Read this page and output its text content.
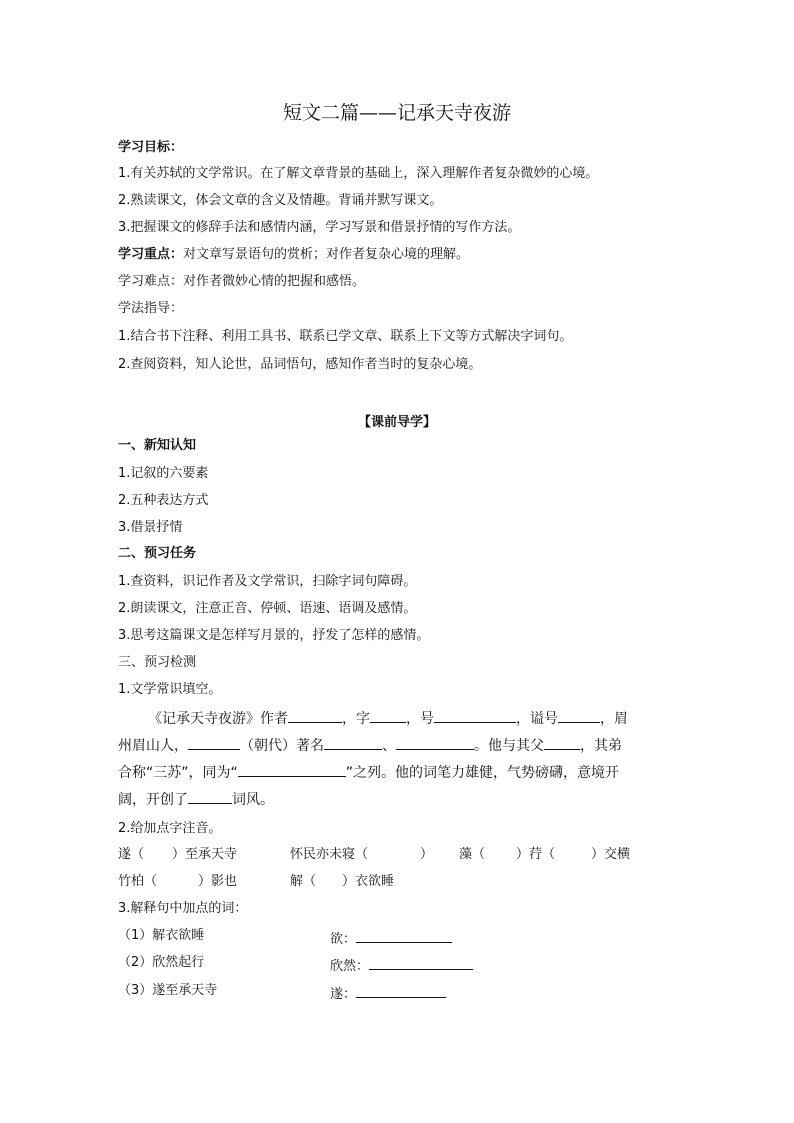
短文二篇——记承天寺夜游
学习目标：
1.有关苏轼的文学常识。在了解文章背景的基础上，深入理解作者复杂微妙的心境。
2.熟读课文，体会文章的含义及情趣。背诵并默写课文。
3.把握课文的修辞手法和感情内涵，学习写景和借景抒情的写作方法。
学习重点：对文章写景语句的赏析；对作者复杂心境的理解。
学习难点：对作者微妙心情的把握和感悟。
学法指导：
1.结合书下注释、利用工具书、联系已学文章、联系上下文等方式解决字词句。
2.查阅资料，知人论世，品词悟句，感知作者当时的复杂心境。
【课前导学】
一、新知认知
1.记叙的六要素
2.五种表达方式
3.借景抒情
二、预习任务
1.查资料，识记作者及文学常识，扫除字词句障碍。
2.朗读课文，注意正音、停顿、语速、语调及感情。
3.思考这篇课文是怎样写月景的，抒发了怎样的感情。
三、预习检测
1.文学常识填空。
《记承天寺夜游》作者	，字	，号	，谥号	，眉
州眉山人，	（朝代）著名	、	。他与其父	，其弟
合称“三苏”，同为“	”之列。他的词笔力雄健，气势磅礴，意境开
阔，开创了	词风。
2.给加点字注音。
遂（ ）至承天寺	怀民亦未寝（	） 藻（ ）荇（	）交横
竹柏（	）影也	解（ ）衣欲睡
3.解释句中加点的词：
（1）解衣欲睡	欲：
（2）欣然起行	欣然：
（3）遂至承天寺	遂：
